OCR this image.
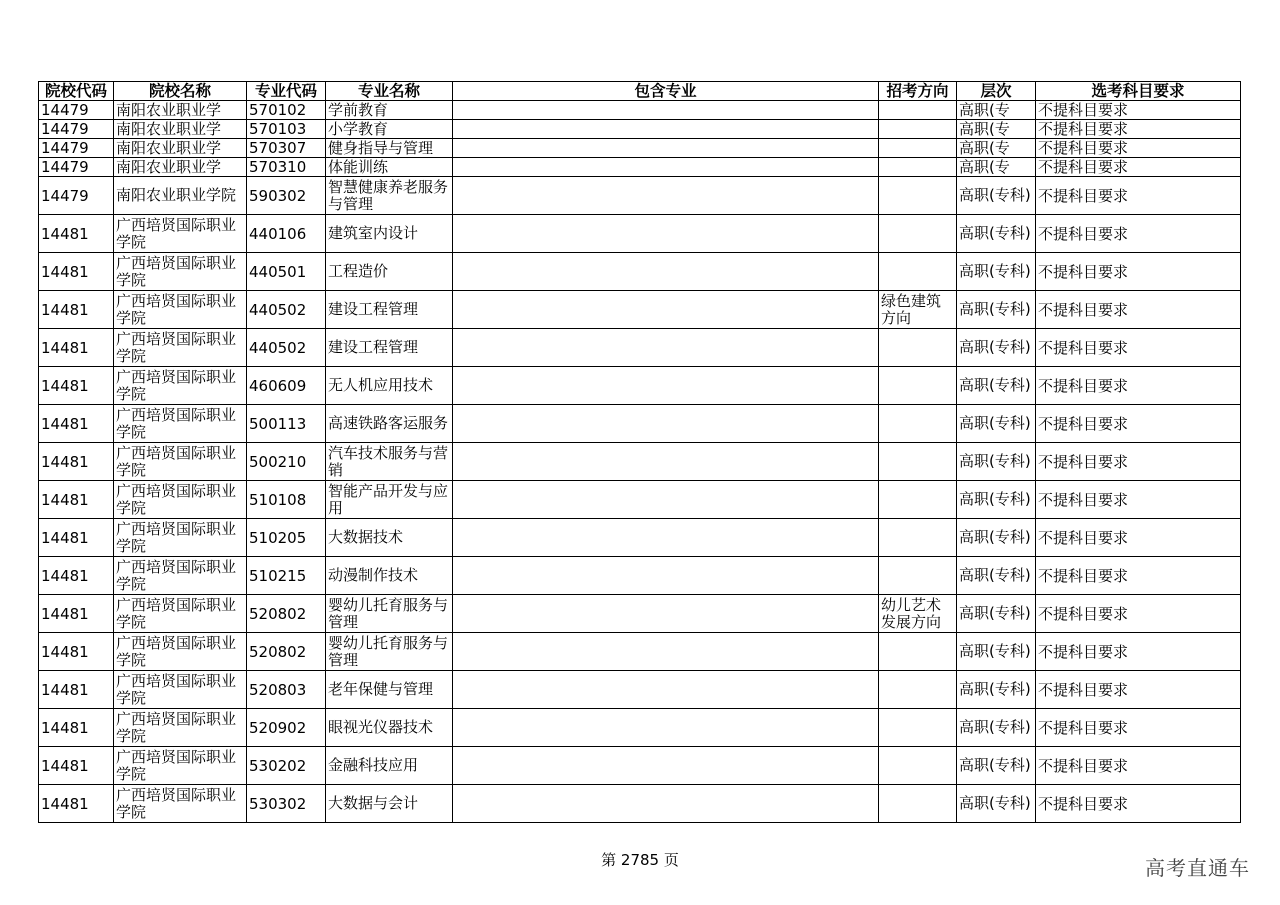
院校代码	院校名称	专业代码	专业名称	包含专业	招考方向	层次	选考科目要求
14479	南阳农业职业学	570102	学前教育			高职(专	不提科目要求
14479	南阳农业职业学	570103	小学教育			高职(专	不提科目要求
14479	南阳农业职业学	570307	健身指导与管理			高职(专	不提科目要求
14479	南阳农业职业学	570310	体能训练			高职(专	不提科目要求
14479	南阳农业职业学院	590302	智慧健康养老服务与管理			高职(专科)	不提科目要求
14481	广西培贤国际职业学院	440106	建筑室内设计			高职(专科)	不提科目要求
14481	广西培贤国际职业学院	440501	工程造价			高职(专科)	不提科目要求
14481	广西培贤国际职业学院	440502	建设工程管理		绿色建筑方向	高职(专科)	不提科目要求
14481	广西培贤国际职业学院	440502	建设工程管理			高职(专科)	不提科目要求
14481	广西培贤国际职业学院	460609	无人机应用技术			高职(专科)	不提科目要求
14481	广西培贤国际职业学院	500113	高速铁路客运服务			高职(专科)	不提科目要求
14481	广西培贤国际职业学院	500210	汽车技术服务与营销			高职(专科)	不提科目要求
14481	广西培贤国际职业学院	510108	智能产品开发与应用			高职(专科)	不提科目要求
14481	广西培贤国际职业学院	510205	大数据技术			高职(专科)	不提科目要求
14481	广西培贤国际职业学院	510215	动漫制作技术			高职(专科)	不提科目要求
14481	广西培贤国际职业学院	520802	婴幼儿托育服务与管理		幼儿艺术发展方向	高职(专科)	不提科目要求
14481	广西培贤国际职业学院	520802	婴幼儿托育服务与管理			高职(专科)	不提科目要求
14481	广西培贤国际职业学院	520803	老年保健与管理			高职(专科)	不提科目要求
14481	广西培贤国际职业学院	520902	眼视光仪器技术			高职(专科)	不提科目要求
14481	广西培贤国际职业学院	530202	金融科技应用			高职(专科)	不提科目要求
14481	广西培贤国际职业学院	530302	大数据与会计			高职(专科)	不提科目要求
第 2785 页	高考直通车
